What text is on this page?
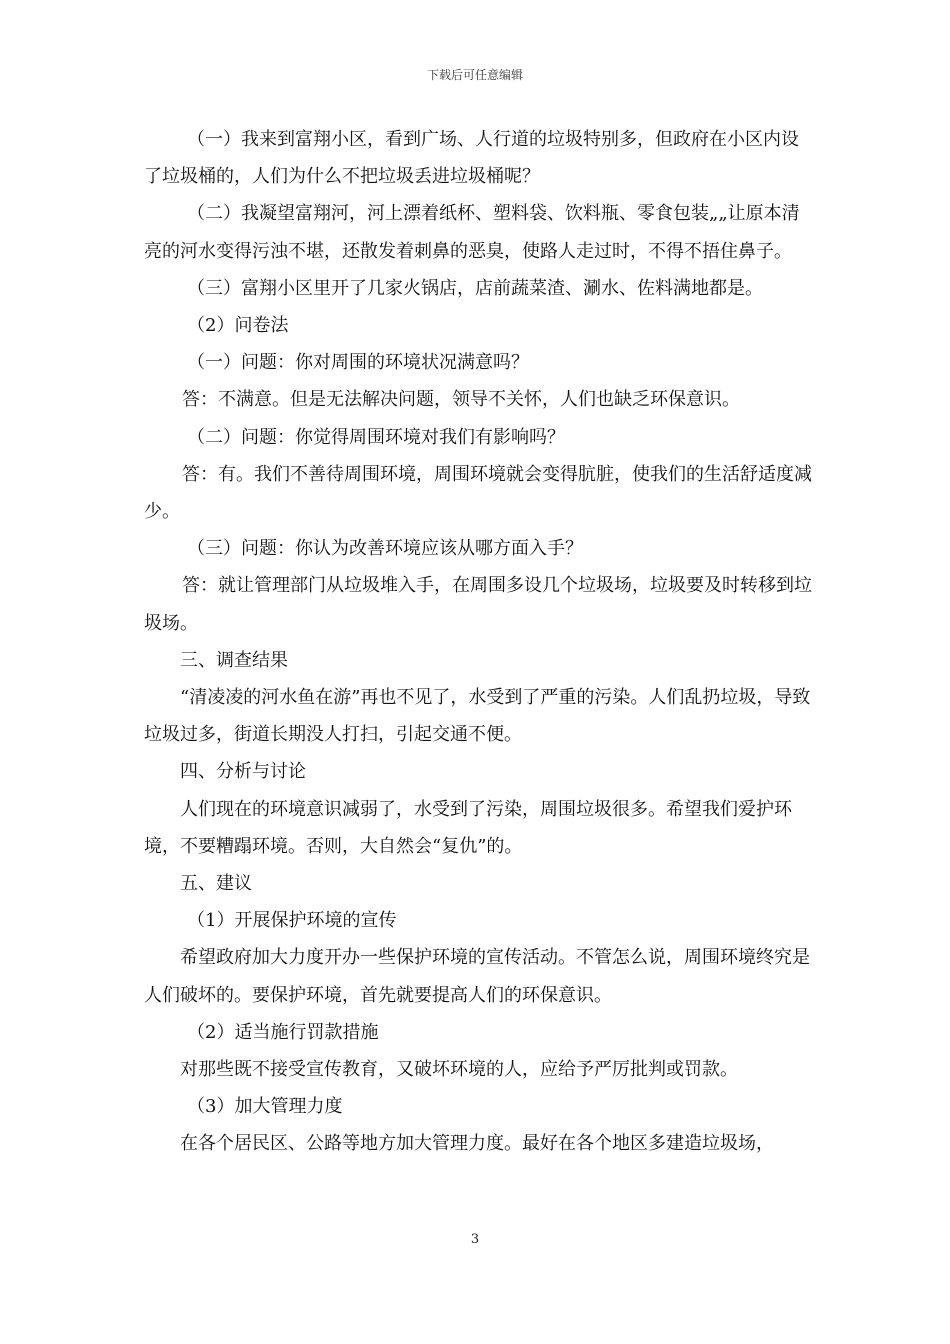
下载后可任意编辑

（一）我来到富翔小区，看到广场、人行道的垃圾特别多，但政府在小区内设了垃圾桶的，人们为什么不把垃圾丢进垃圾桶呢？

（二）我凝望富翔河，河上漂着纸杯、塑料袋、饮料瓶、零食包装„„让原本清亮的河水变得污浊不堪，还散发着刺鼻的恶臭，使路人走过时，不得不捂住鼻子。

（三）富翔小区里开了几家火锅店，店前蔬菜渣、涮水、佐料满地都是。

（2）问卷法

（一）问题：你对周围的环境状况满意吗？

答：不满意。但是无法解决问题，领导不关怀，人们也缺乏环保意识。

（二）问题：你觉得周围环境对我们有影响吗？

答：有。我们不善待周围环境，周围环境就会变得肮脏，使我们的生活舒适度减少。

（三）问题：你认为改善环境应该从哪方面入手？

答：就让管理部门从垃圾堆入手，在周围多设几个垃圾场，垃圾要及时转移到垃圾场。

三、调查结果

“清凌凌的河水鱼在游”再也不见了，水受到了严重的污染。人们乱扔垃圾，导致垃圾过多，街道长期没人打扫，引起交通不便。

四、分析与讨论

人们现在的环境意识减弱了，水受到了污染，周围垃圾很多。希望我们爱护环境，不要糟蹋环境。否则，大自然会“复仇”的。

五、建议

（1）开展保护环境的宣传

希望政府加大力度开办一些保护环境的宣传活动。不管怎么说，周围环境终究是人们破坏的。要保护环境，首先就要提高人们的环保意识。

（2）适当施行罚款措施

对那些既不接受宣传教育，又破坏环境的人，应给予严厉批判或罚款。

（3）加大管理力度

在各个居民区、公路等地方加大管理力度。最好在各个地区多建造垃圾场，

3
